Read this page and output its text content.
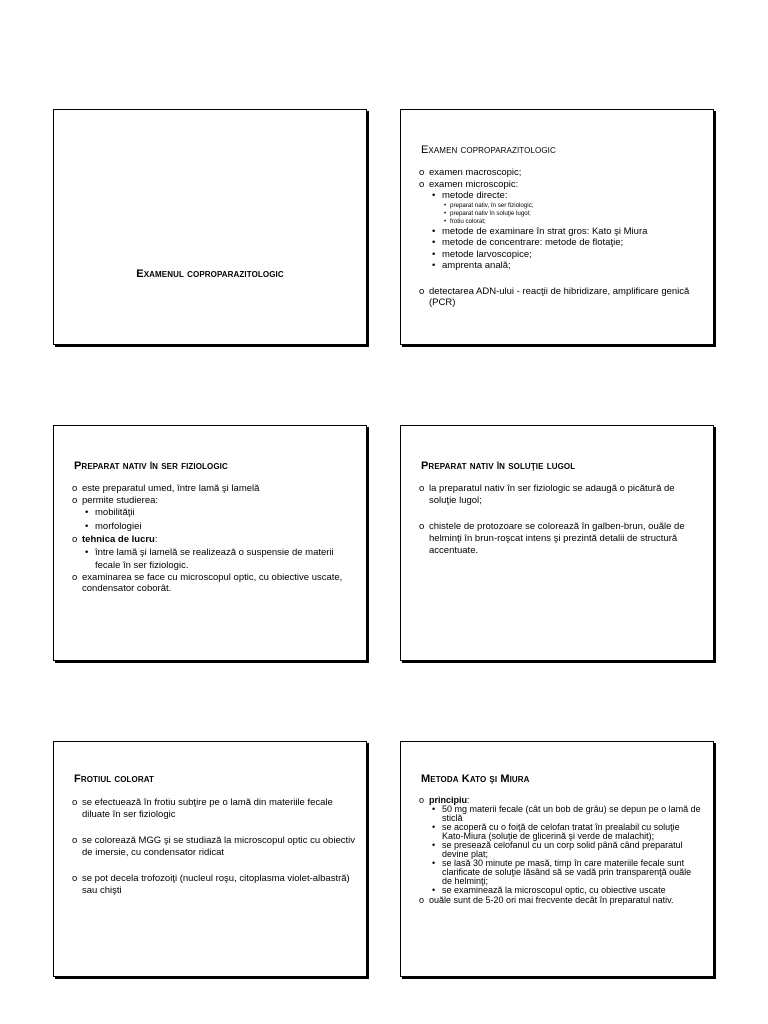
Examenul coproparazitologic
Examen coproparazitologic
o examen macroscopic;
o examen microscopic:
• metode directe:
• preparat nativ, în ser fiziologic;
• preparat nativ în soluţie lugol;
• frotiu colorat;
• metode de examinare în strat gros: Kato şi Miura
• metode de concentrare: metode de flotaţie;
• metode larvoscopice;
• amprenta anală;
o detectarea ADN-ului - reacţii de hibridizare, amplificare genică (PCR)
Preparat nativ în ser fiziologic
o este preparatul umed, între lamă şi lamelă
o permite studierea:
• mobilităţii
• morfologiei
o tehnica de lucru:
• între lamă şi lamelă se realizează o suspensie de materii fecale în ser fiziologic.
o examinarea se face cu microscopul optic, cu obiective uscate, condensator coborât.
Preparat nativ în soluţie lugol
o la preparatul nativ în ser fiziologic se adaugă o picătură de soluţie lugol;
o chistele de protozoare se colorează în galben-brun, ouăle de helminţi în brun-roşcat intens şi prezintă detalii de structură accentuate.
Frotiul colorat
o se efectuează în frotiu subţire pe o lamă din materiile fecale diluate în ser fiziologic
o se colorează MGG şi se studiază la microscopul optic cu obiectiv de imersie, cu condensator ridicat
o se pot decela trofozoiţi (nucleul roşu, citoplasma violet-albastră) sau chişti
Metoda Kato şi Miura
o principiu:
• 50 mg materii fecale (cât un bob de grâu) se depun pe o lamă de sticlă
• se acoperă cu o foiţă de celofan tratat în prealabil cu soluţie Kato-Miura (soluţie de glicerină şi verde de malachit);
• se presează celofanul cu un corp solid până când preparatul devine plat;
• se lasă 30 minute pe masă, timp în care materiile fecale sunt clarificate de soluţie lăsând să se vadă prin transparenţă ouăle de helminţi;
• se examinează la microscopul optic, cu obiective uscate
o ouăle sunt de 5-20 ori mai frecvente decât în preparatul nativ.
